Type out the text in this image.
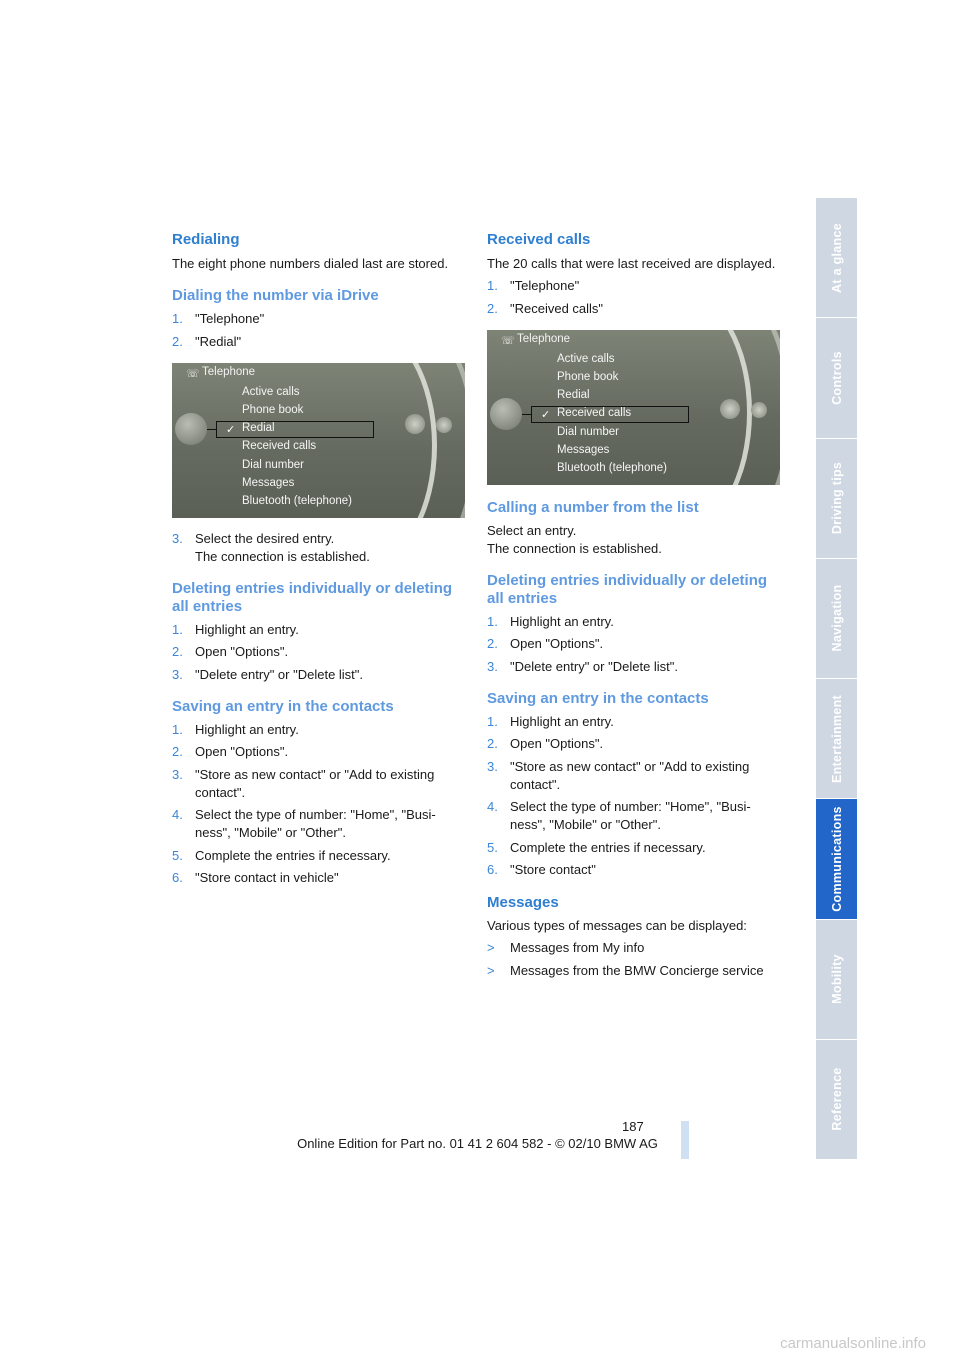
Redialing

The eight phone numbers dialed last are stored.

Dialing the number via iDrive
1. "Telephone"
2. "Redial"
☏ Telephone
Active calls
Phone book
Redial
Received calls
Dial number
Messages
Bluetooth (telephone)
✓
3. Select the desired entry.
The connection is established.
Deleting entries individually or deleting all entries
1. Highlight an entry.
2. Open "Options".
3. "Delete entry" or "Delete list".
Saving an entry in the contacts
1. Highlight an entry.
2. Open "Options".
3. "Store as new contact" or "Add to existing contact".
4. Select the type of number: "Home", "Busi-ness", "Mobile" or "Other".
5. Complete the entries if necessary.
6. "Store contact in vehicle"
Received calls

The 20 calls that were last received are displayed.

1. "Telephone"
2. "Received calls"
☏ Telephone
Active calls
Phone book
Redial
Received calls
Dial number
Messages
Bluetooth (telephone)
✓
Calling a number from the list

Select an entry.

The connection is established.

Deleting entries individually or deleting all entries
1. Highlight an entry.
2. Open "Options".
3. "Delete entry" or "Delete list".
Saving an entry in the contacts
1. Highlight an entry.
2. Open "Options".
3. "Store as new contact" or "Add to existing contact".
4. Select the type of number: "Home", "Busi-ness", "Mobile" or "Other".
5. Complete the entries if necessary.
6. "Store contact"
Messages

Various types of messages can be displayed:

> Messages from My info
> Messages from the BMW Concierge service
At a glance
Controls
Driving tips
Navigation
Entertainment
Communications
Mobility
Reference
187
Online Edition for Part no. 01 41 2 604 582 - © 02/10 BMW AG
carmanualsonline.info
